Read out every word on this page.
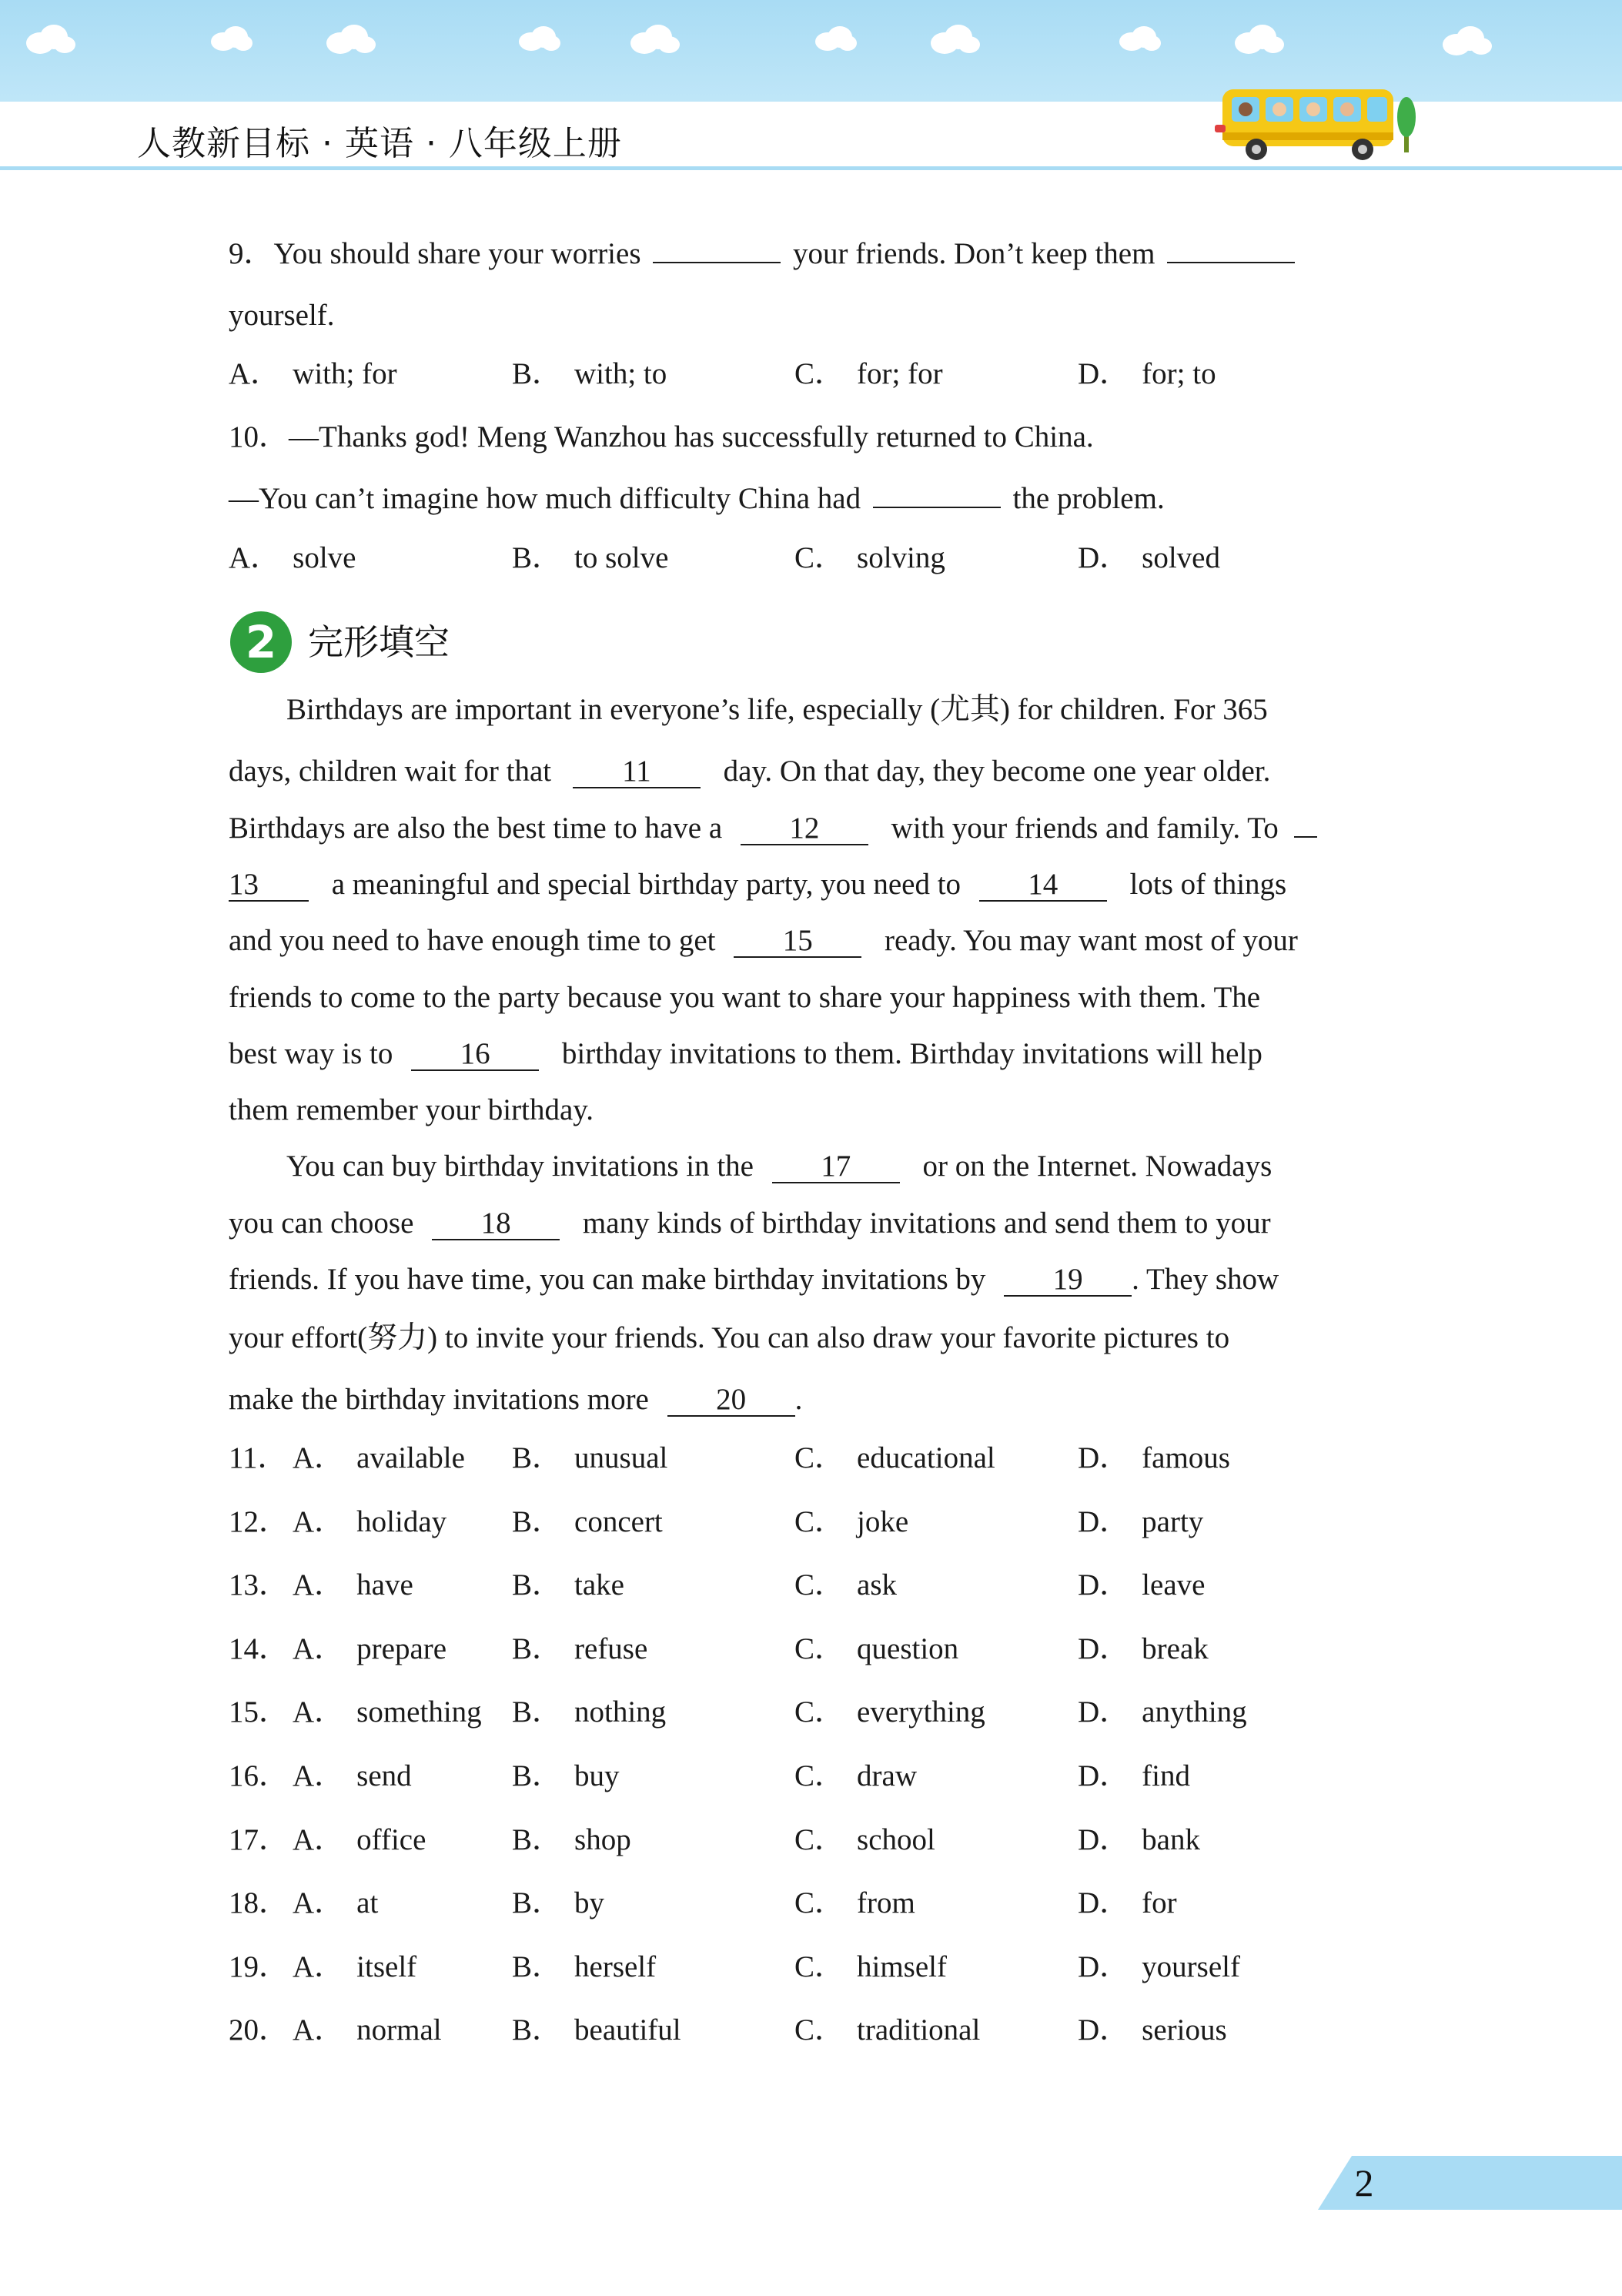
人教新目标 · 英语 · 八年级上册
9．You should share your worries	your friends. Don’t keep them
yourself.
A． with; for	B． with; to	C． for; for	D． for; to
10．—Thanks god! Meng Wanzhou has successfully returned to China.
—You can’t imagine how much difficulty China had	the problem.
A． solve	B． to solve	C． solving	D． solved
2 完形填空
Birthdays are important in everyone’s life, especially (尤其) for children. For 365
days, children wait for that 11 day. On that day, they become one year older.
Birthdays are also the best time to have a 12 with your friends and family. To
13 a meaningful and special birthday party, you need to 14 lots of things
and you need to have enough time to get 15 ready. You may want most of your
friends to come to the party because you want to share your happiness with them. The
best way is to 16 birthday invitations to them. Birthday invitations will help
them remember your birthday.
You can buy birthday invitations in the 17 or on the Internet. Nowadays
you can choose 18 many kinds of birthday invitations and send them to your
friends. If you have time, you can make birthday invitations by 19 . They show
your effort(努力) to invite your friends. You can also draw your favorite pictures to
make the birthday invitations more 20 .
11． A． available B． unusual	C． educational	D． famous
12． A． holiday B． concert	C． joke	D． party
13． A． have	B． take	C． ask	D． leave
14． A． prepare B． refuse	C． question	D． break
15． A． something B． nothing	C． everything	D． anything
16． A． send	B． buy	C． draw	D． find
17． A． office	B． shop	C． school	D． bank
18． A． at	B． by	C． from	D． for
19． A． itself	B． herself	C． himself	D． yourself
20． A． normal B． beautiful	C． traditional	D． serious
2
